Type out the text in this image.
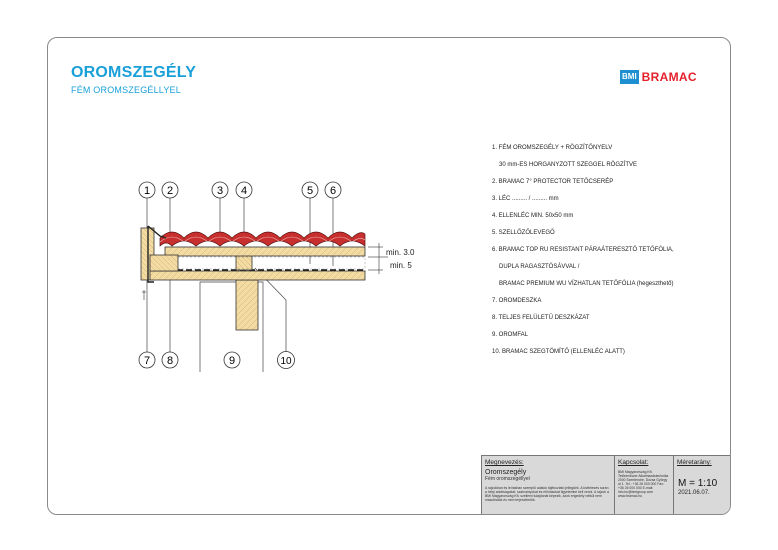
OROMSZEGÉLY
FÉM OROMSZEGÉLLYEL
BMI BRAMAC
1. FÉM OROMSZEGÉLY + RÖGZÍTŐNYELV
30 mm-ES HORGANYZOTT SZEGGEL RÖGZÍTVE
2. BRAMAC 7° PROTECTOR TETŐCSERÉP
3. LÉC ......... / ......... mm
4. ELLENLÉC MIN. 50x50 mm
5. SZELLŐZŐLEVEGŐ
6. BRAMAC TOP RU RESISTANT PÁRAÁTERESZTŐ TETŐFÓLIA,
DUPLA RAGASZTÓSÁVVAL /
BRAMAC PREMIUM WU VÍZHATLAN TETŐFÓLIA (hegeszthető)
7. OROMDESZKA
8. TELJES FELÜLETŰ DESZKÁZAT
9. OROMFAL
10. BRAMAC SZEGTÖMÍTŐ (ELLENLÉC ALATT)
min. 3.0
min. 5
1 2	3 4	5 6
7 8	9	10
Megnevezés:
Oromszegély
Fém oromszegéllyel
A rajzokban és leírásban szereplő adatok tájékoztató jellegűek. A kivitelezés során a helyi adottságokat, szabványokat és előírásokat figyelembe kell venni. A rajzok a BMI Magyarország Kft. szellemi tulajdonát képezik, azok engedély nélkül nem másolhatók és nem terjeszthetők.
Kapcsolat:
BMI Magyarország Kft. Tetőrendszer Alkalmazástechnika 2000 Szentendre, Dózsa György út 1. Tel.: +36 26 000 000 Fax: +36 26 000 000 E-mail: info.hu@bmigroup.com www.bramac.hu
Méretarány:
M = 1:10
2021.06.07.
